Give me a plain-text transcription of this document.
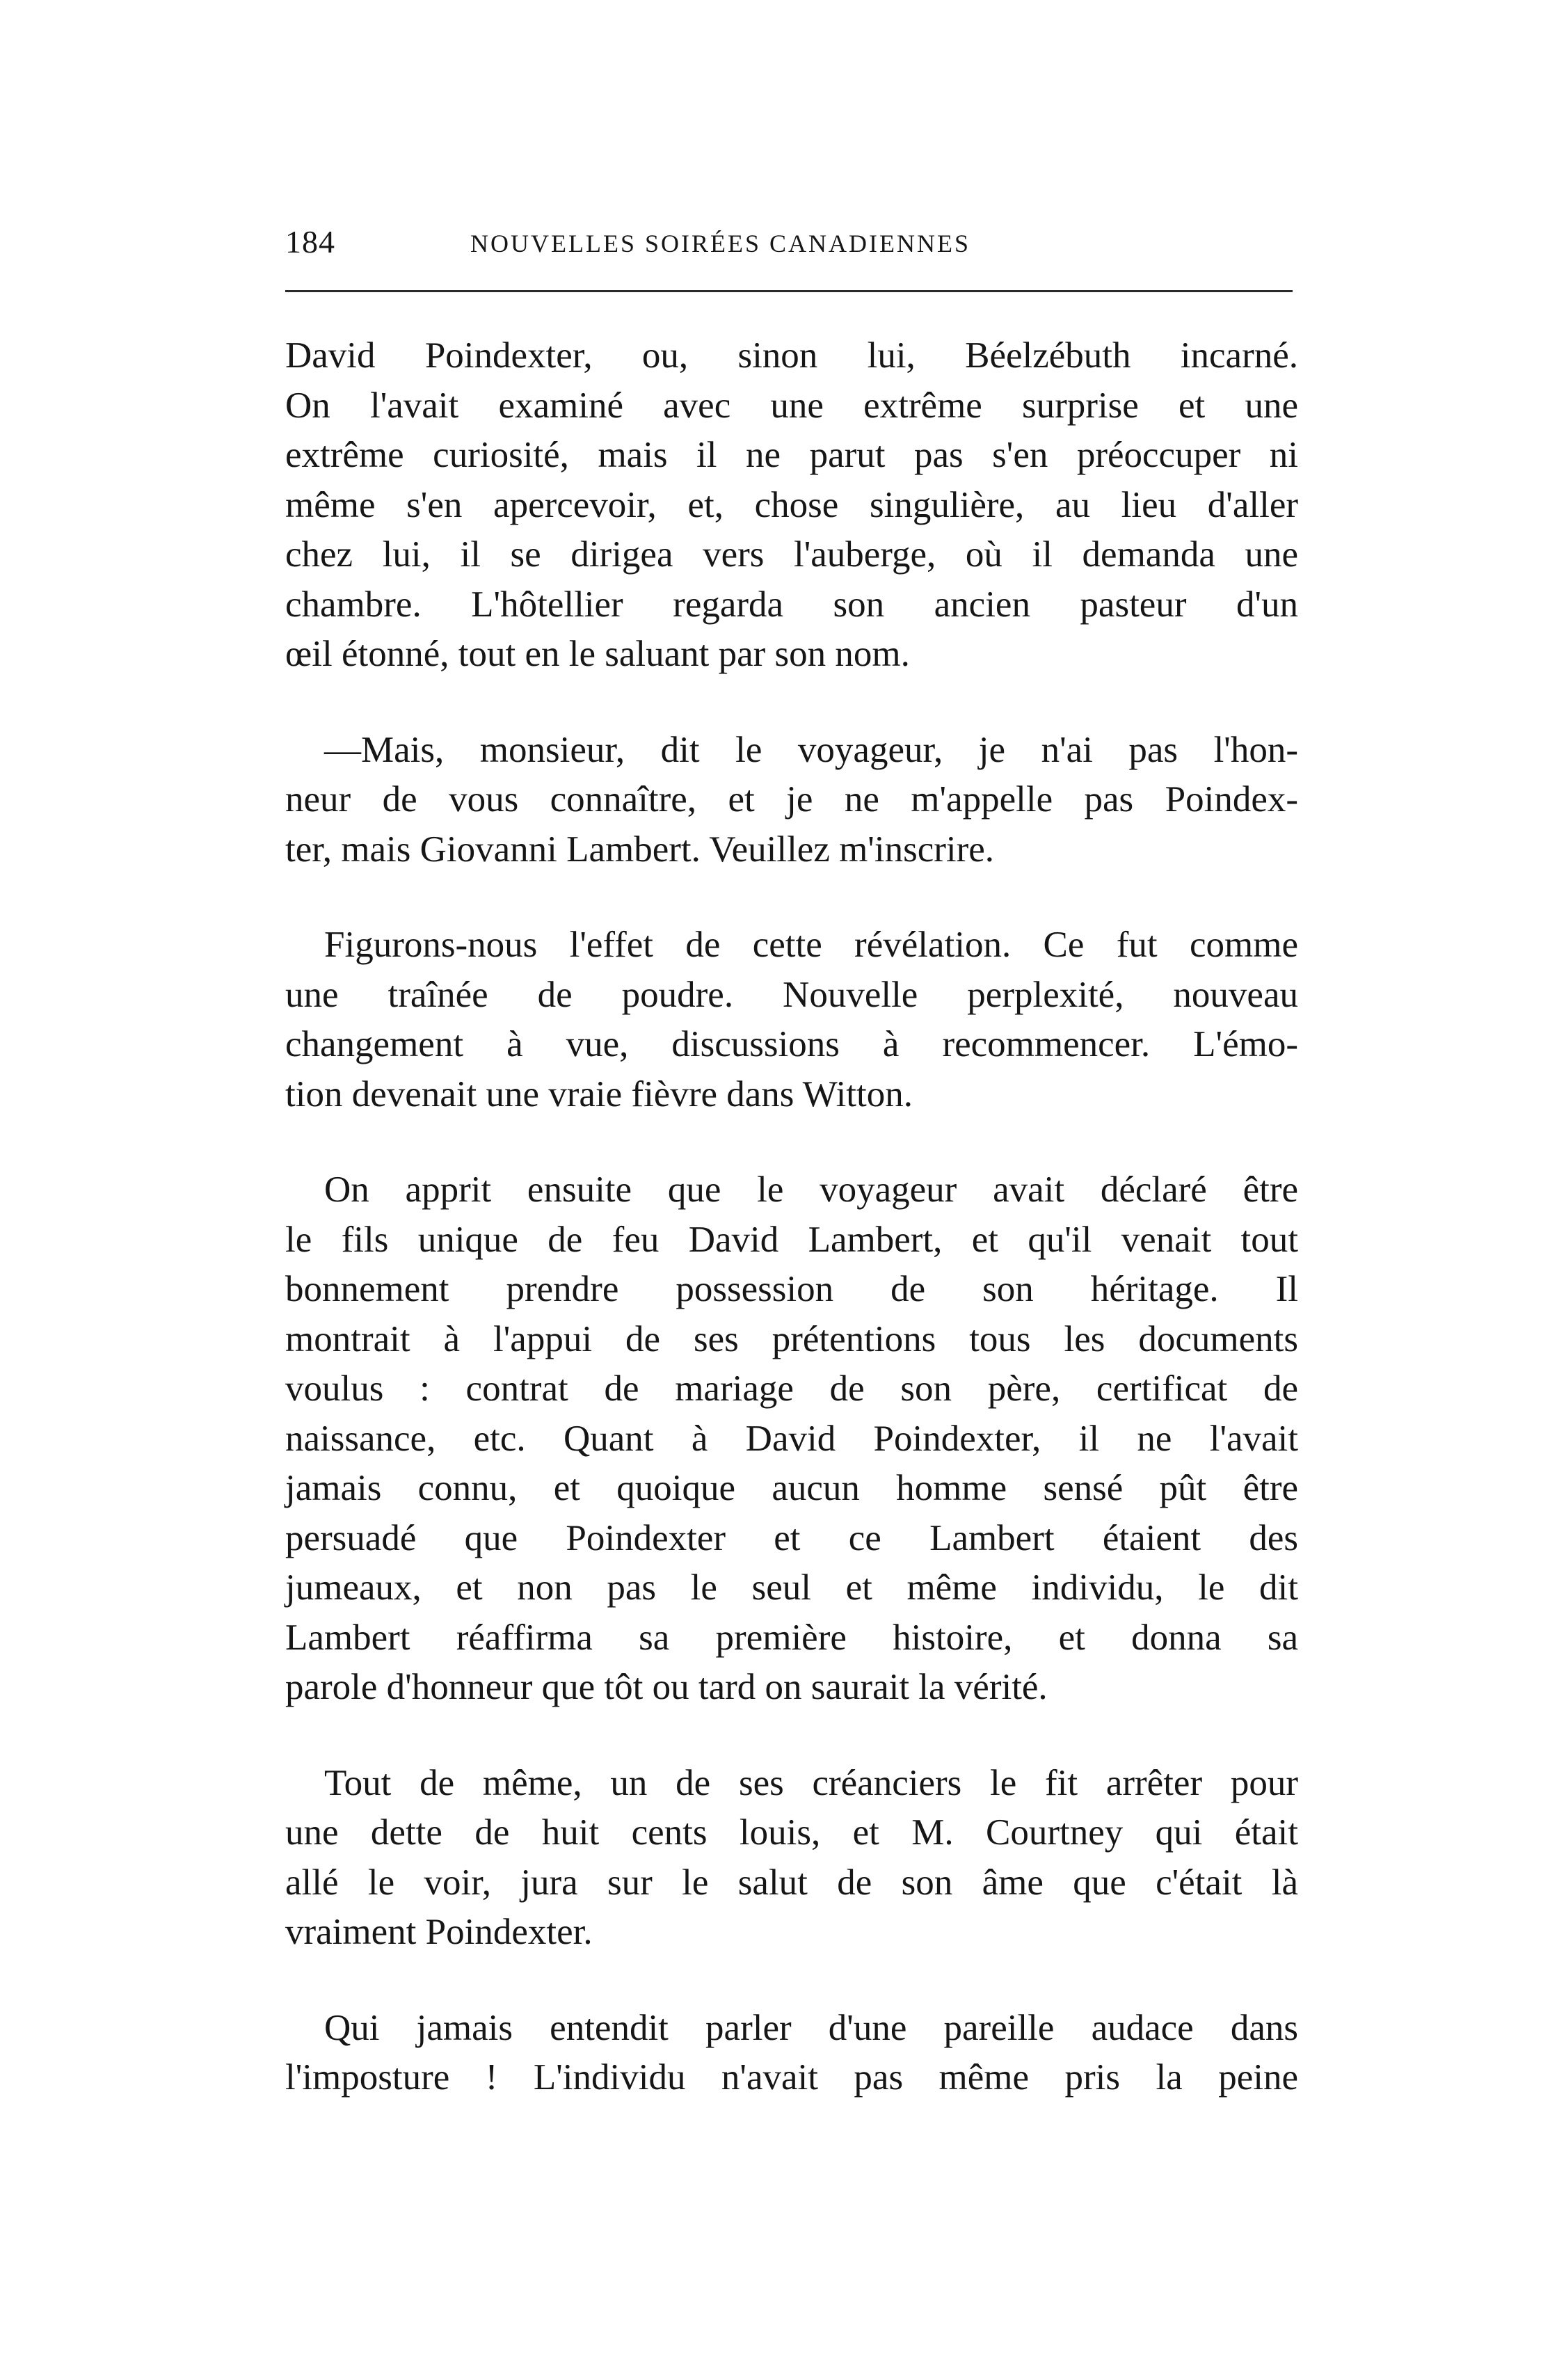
184	NOUVELLES SOIRÉES CANADIENNES
David Poindexter, ou, sinon lui, Béelzébuth incarné.
On l'avait examiné avec une extrême surprise et une
extrême curiosité, mais il ne parut pas s'en préoccuper ni
même s'en apercevoir, et, chose singulière, au lieu d'aller
chez lui, il se dirigea vers l'auberge, où il demanda une
chambre. L'hôtellier regarda son ancien pasteur d'un
œil étonné, tout en le saluant par son nom.
—Mais, monsieur, dit le voyageur, je n'ai pas l'hon-
neur de vous connaître, et je ne m'appelle pas Poindex-
ter, mais Giovanni Lambert. Veuillez m'inscrire.
Figurons-nous l'effet de cette révélation. Ce fut comme
une traînée de poudre. Nouvelle perplexité, nouveau
changement à vue, discussions à recommencer. L'émo-
tion devenait une vraie fièvre dans Witton.
On apprit ensuite que le voyageur avait déclaré être
le fils unique de feu David Lambert, et qu'il venait tout
bonnement prendre possession de son héritage. Il
montrait à l'appui de ses prétentions tous les documents
voulus : contrat de mariage de son père, certificat de
naissance, etc. Quant à David Poindexter, il ne l'avait
jamais connu, et quoique aucun homme sensé pût être
persuadé que Poindexter et ce Lambert étaient des
jumeaux, et non pas le seul et même individu, le dit
Lambert réaffirma sa première histoire, et donna sa
parole d'honneur que tôt ou tard on saurait la vérité.
Tout de même, un de ses créanciers le fit arrêter pour
une dette de huit cents louis, et M. Courtney qui était
allé le voir, jura sur le salut de son âme que c'était là
vraiment Poindexter.
Qui jamais entendit parler d'une pareille audace dans
l'imposture ! L'individu n'avait pas même pris la peine
